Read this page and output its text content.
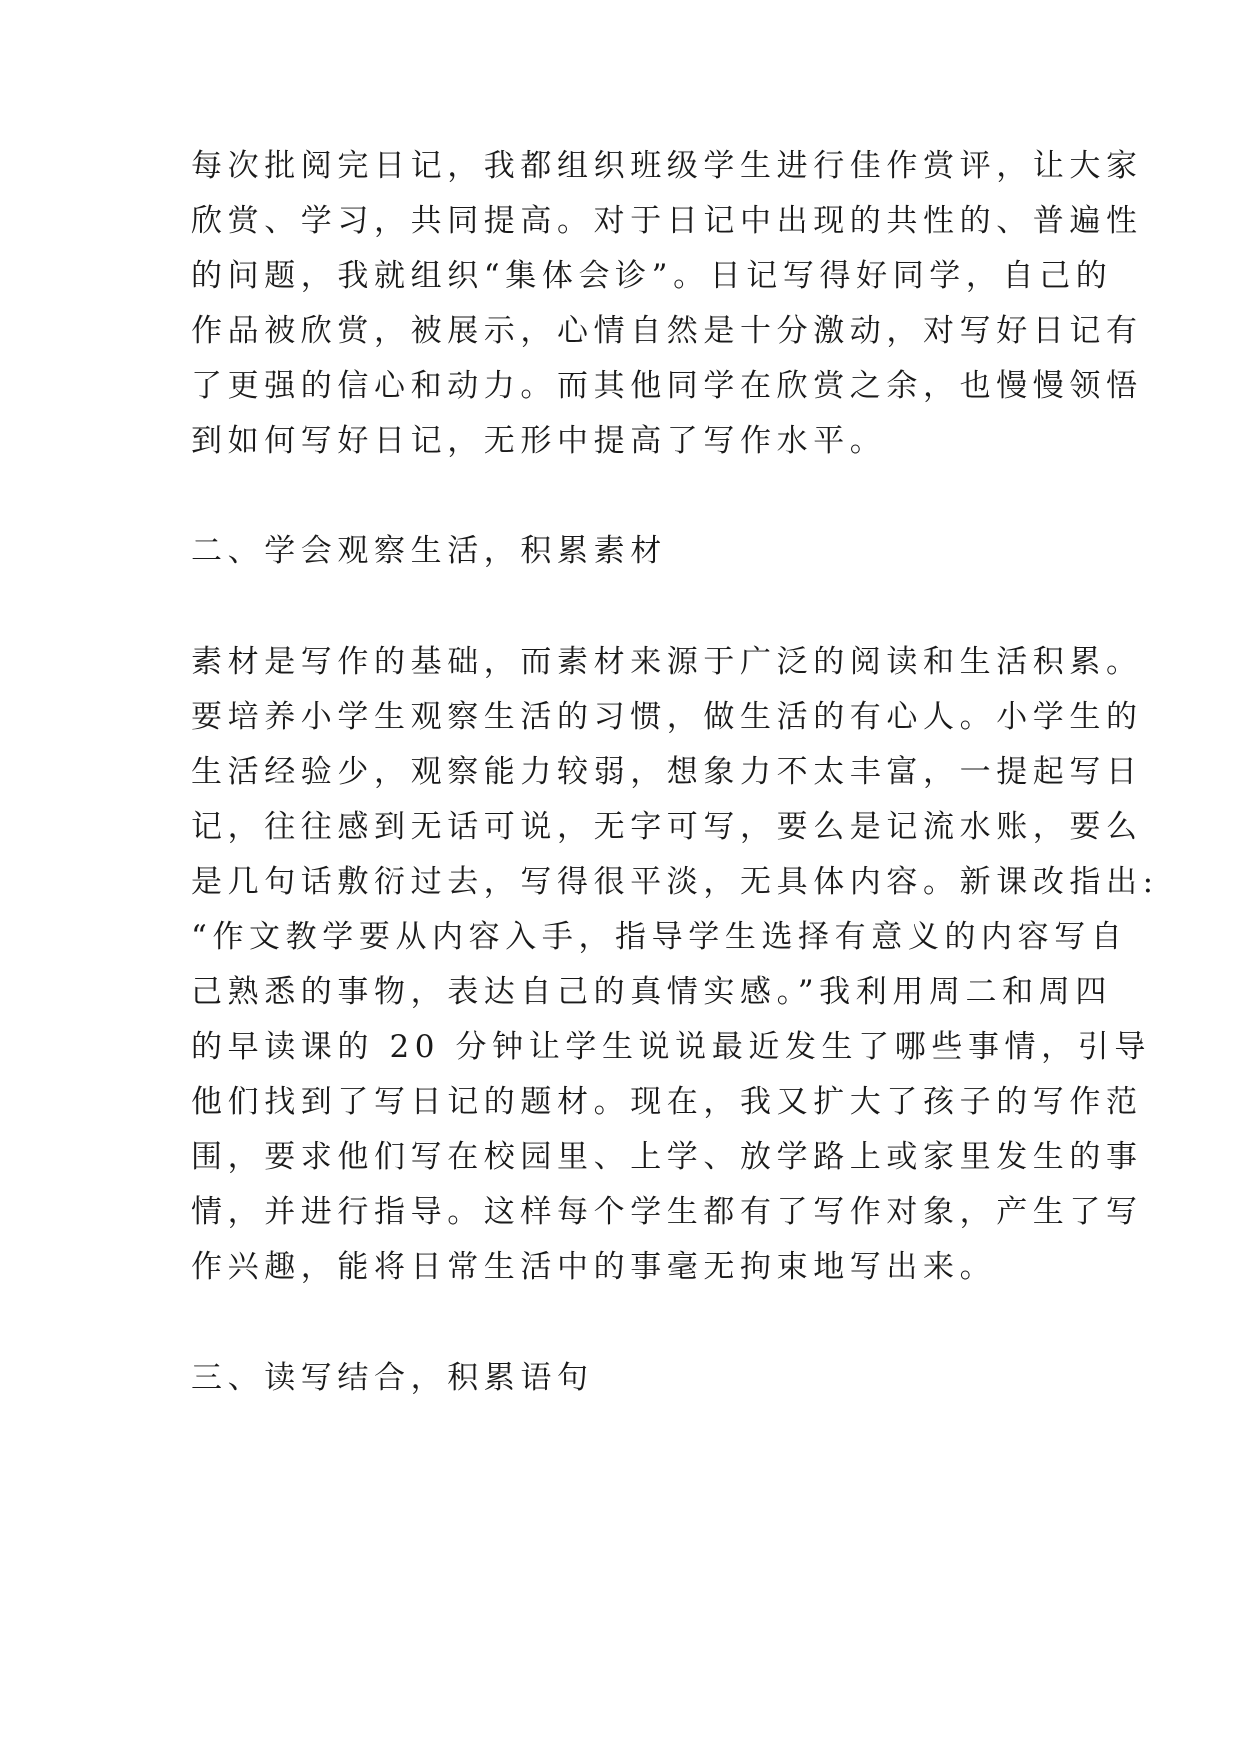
每次批阅完日记，我都组织班级学生进行佳作赏评，让大家
欣赏、学习，共同提高。对于日记中出现的共性的、普遍性
的问题，我就组织“集体会诊”。日记写得好同学，自己的
作品被欣赏，被展示，心情自然是十分激动，对写好日记有
了更强的信心和动力。而其他同学在欣赏之余，也慢慢领悟
到如何写好日记，无形中提高了写作水平。
二、学会观察生活，积累素材
素材是写作的基础，而素材来源于广泛的阅读和生活积累。
要培养小学生观察生活的习惯，做生活的有心人。小学生的
生活经验少，观察能力较弱，想象力不太丰富，一提起写日
记，往往感到无话可说，无字可写，要么是记流水账，要么
是几句话敷衍过去，写得很平淡，无具体内容。新课改指出:
“作文教学要从内容入手，指导学生选择有意义的内容写自
己熟悉的事物，表达自己的真情实感。”我利用周二和周四
的早读课的 20 分钟让学生说说最近发生了哪些事情，引导
他们找到了写日记的题材。现在，我又扩大了孩子的写作范
围，要求他们写在校园里、上学、放学路上或家里发生的事
情，并进行指导。这样每个学生都有了写作对象，产生了写
作兴趣，能将日常生活中的事毫无拘束地写出来。
三、读写结合，积累语句
